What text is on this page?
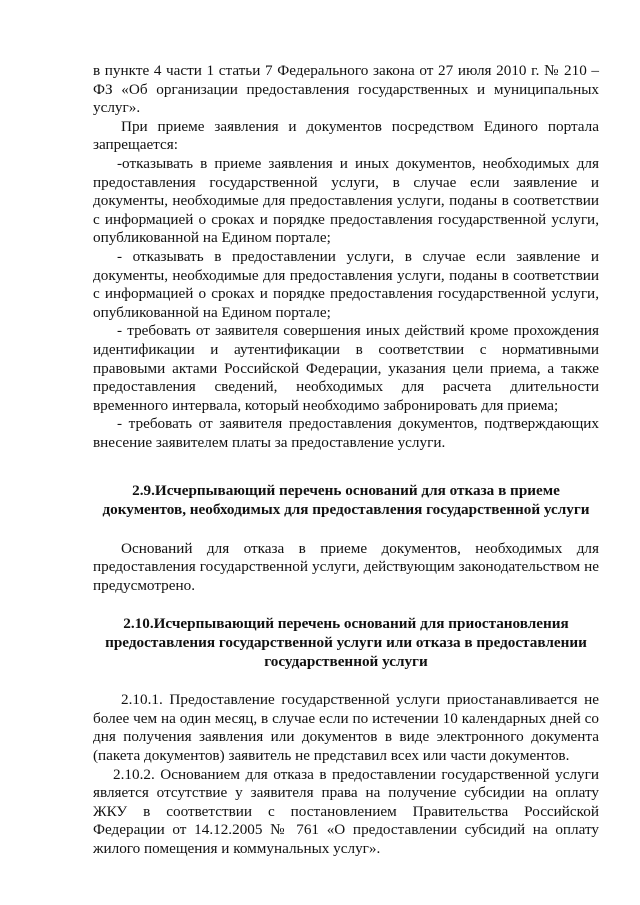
в пункте 4 части 1 статьи 7 Федерального закона от 27 июля 2010 г. № 210 – ФЗ «Об организации предоставления государственных и муниципальных услуг».

При приеме заявления и документов посредством Единого портала запрещается:

-отказывать в приеме заявления и иных документов, необходимых для предоставления государственной услуги, в случае если заявление и документы, необходимые для предоставления услуги, поданы в соответствии с информацией о сроках и порядке предоставления государственной услуги, опубликованной на Едином портале;

- отказывать в предоставлении услуги, в случае если заявление и документы, необходимые для предоставления услуги, поданы в соответствии с информацией о сроках и порядке предоставления государственной услуги, опубликованной на Едином портале;

- требовать от заявителя совершения иных действий кроме прохождения идентификации и аутентификации в соответствии с нормативными правовыми актами Российской Федерации, указания цели приема, а также предоставления сведений, необходимых для расчета длительности временного интервала, который необходимо забронировать для приема;

- требовать от заявителя предоставления документов, подтверждающих внесение заявителем платы за предоставление услуги.

2.9.Исчерпывающий перечень оснований для отказа в приеме документов, необходимых для предоставления государственной услуги

Оснований для отказа в приеме документов, необходимых для предоставления государственной услуги, действующим законодательством не предусмотрено.

2.10.Исчерпывающий перечень оснований для приостановления предоставления государственной услуги или отказа в предоставлении государственной услуги

2.10.1. Предоставление государственной услуги приостанавливается не более чем на один месяц, в случае если по истечении 10 календарных дней со дня получения заявления или документов в виде электронного документа (пакета документов) заявитель не представил всех или части документов.

2.10.2. Основанием для отказа в предоставлении государственной услуги является отсутствие у заявителя права на получение субсидии на оплату ЖКУ в соответствии с постановлением Правительства Российской Федерации от 14.12.2005 № 761 «О предоставлении субсидий на оплату жилого помещения и коммунальных услуг».
